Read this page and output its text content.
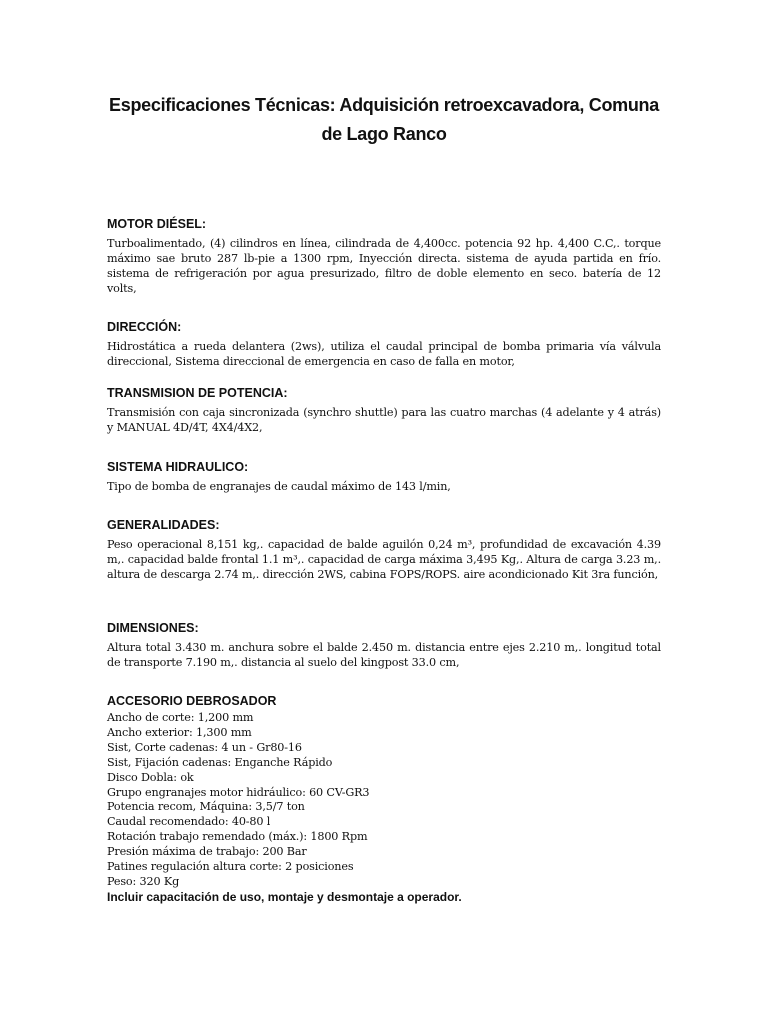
Especificaciones Técnicas: Adquisición retroexcavadora, Comuna de Lago Ranco
MOTOR DIÉSEL:

Turboalimentado, (4) cilindros en línea, cilindrada de 4,400cc. potencia 92 hp. 4,400 C.C,. torque máximo sae bruto 287 lb-pie a 1300 rpm, Inyección directa. sistema de ayuda partida en frío. sistema de refrigeración por agua presurizado, filtro de doble elemento en seco. batería de 12 volts,

DIRECCIÓN:

Hidrostática a rueda delantera (2ws), utiliza el caudal principal de bomba primaria vía válvula direccional, Sistema direccional de emergencia en caso de falla en motor,

TRANSMISION DE POTENCIA:

Transmisión con caja sincronizada (synchro shuttle) para las cuatro marchas (4 adelante y 4 atrás) y MANUAL 4D/4T, 4X4/4X2,

SISTEMA HIDRAULICO:

Tipo de bomba de engranajes de caudal máximo de 143 l/min,

GENERALIDADES:

Peso operacional 8,151 kg,. capacidad de balde aguilón 0,24 m³, profundidad de excavación 4.39 m,. capacidad balde frontal 1.1 m³,. capacidad de carga máxima 3,495 Kg,. Altura de carga 3.23 m,. altura de descarga 2.74 m,. dirección 2WS, cabina FOPS/ROPS. aire acondicionado Kit 3ra función,

DIMENSIONES:

Altura total 3.430 m. anchura sobre el balde 2.450 m. distancia entre ejes 2.210 m,. longitud total de transporte 7.190 m,. distancia al suelo del kingpost 33.0 cm,

ACCESORIO DEBROSADOR
Ancho de corte: 1,200 mm
Ancho exterior: 1,300 mm
Sist, Corte cadenas: 4 un - Gr80-16
Sist, Fijación cadenas: Enganche Rápido
Disco Dobla: ok
Grupo engranajes motor hidráulico: 60 CV-GR3
Potencia recom, Máquina: 3,5/7 ton
Caudal recomendado: 40-80 l
Rotación trabajo remendado (máx.): 1800 Rpm
Presión máxima de trabajo: 200 Bar
Patines regulación altura corte: 2 posiciones
Peso: 320 Kg

Incluir capacitación de uso, montaje y desmontaje a operador.
